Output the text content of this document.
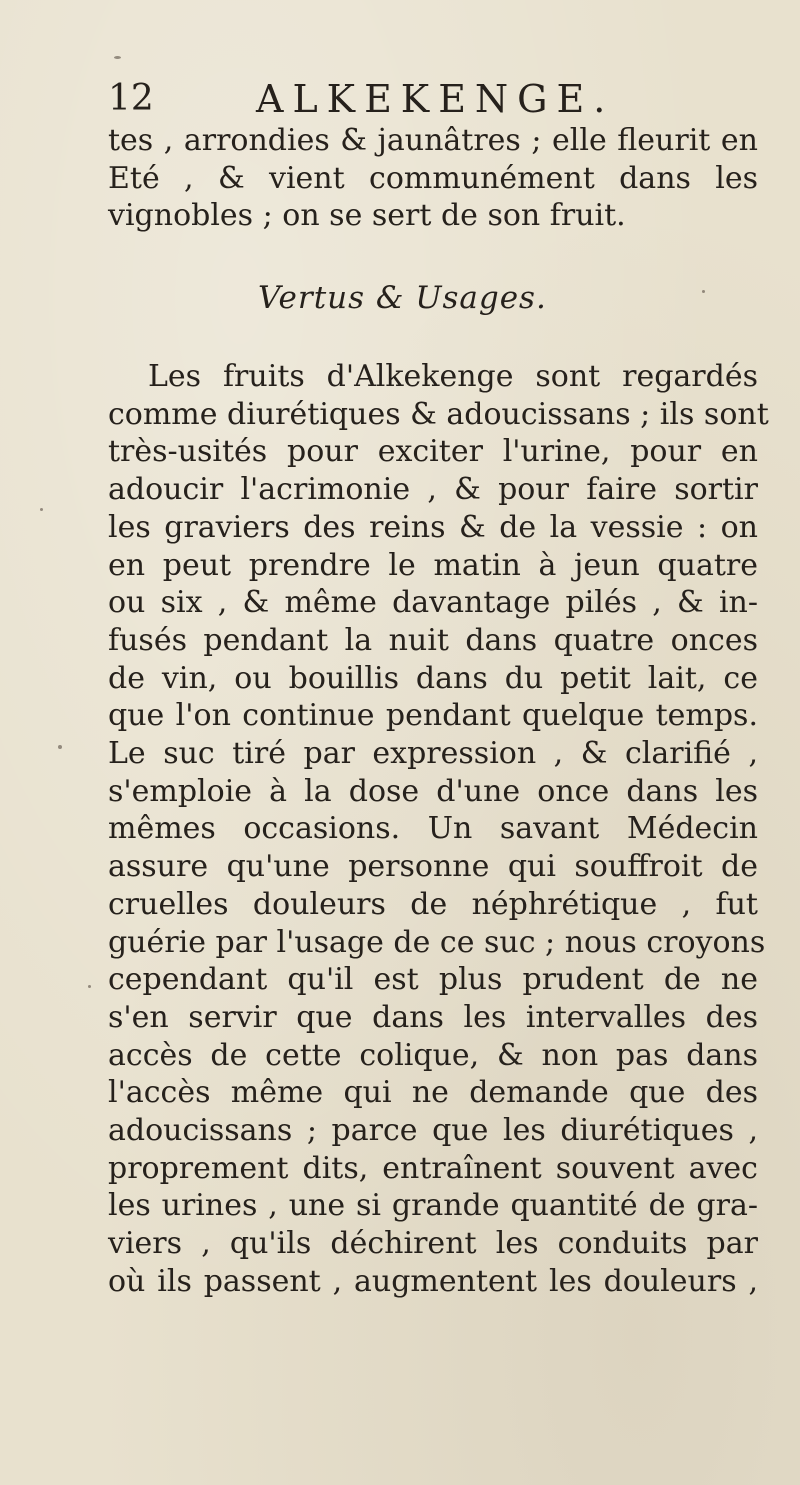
12	ALKEKENGE.
tes , arrondies & jaunâtres ; elle fleurit en
Eté , & vient communément dans les
vignobles ; on se sert de son fruit.
Vertus & Usages.
Les fruits d'Alkekenge sont regardés
comme diurétiques & adoucissans ; ils sont
très-usités pour exciter l'urine, pour en
adoucir l'acrimonie , & pour faire sortir
les graviers des reins & de la vessie : on
en peut prendre le matin à jeun quatre
ou six , & même davantage pilés , & in-
fusés pendant la nuit dans quatre onces
de vin, ou bouillis dans du petit lait, ce
que l'on continue pendant quelque temps.
Le suc tiré par expression , & clarifié ,
s'emploie à la dose d'une once dans les
mêmes occasions. Un savant Médecin
assure qu'une personne qui souffroit de
cruelles douleurs de néphrétique , fut
guérie par l'usage de ce suc ; nous croyons
cependant qu'il est plus prudent de ne
s'en servir que dans les intervalles des
accès de cette colique, & non pas dans
l'accès même qui ne demande que des
adoucissans ; parce que les diurétiques ,
proprement dits, entraînent souvent avec
les urines , une si grande quantité de gra-
viers , qu'ils déchirent les conduits par
où ils passent , augmentent les douleurs ,
